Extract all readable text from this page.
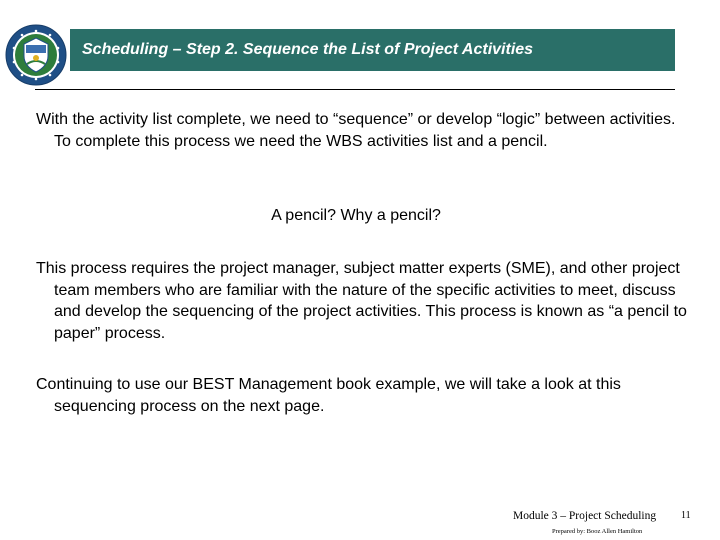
Scheduling – Step 2. Sequence the List of Project Activities

With the activity list complete, we need to “sequence” or develop “logic” between activities. To complete this process we need the WBS activities list and a pencil.

A pencil? Why a pencil?

This process requires the project manager, subject matter experts (SME), and other project team members who are familiar with the nature of the specific activities to meet, discuss and develop the sequencing of the project activities. This process is known as “a pencil to paper” process.

Continuing to use our BEST Management book example, we will take a look at this sequencing process on the next page.

Module 3 – Project Scheduling
Prepared by: Booz Allen Hamilton
11
